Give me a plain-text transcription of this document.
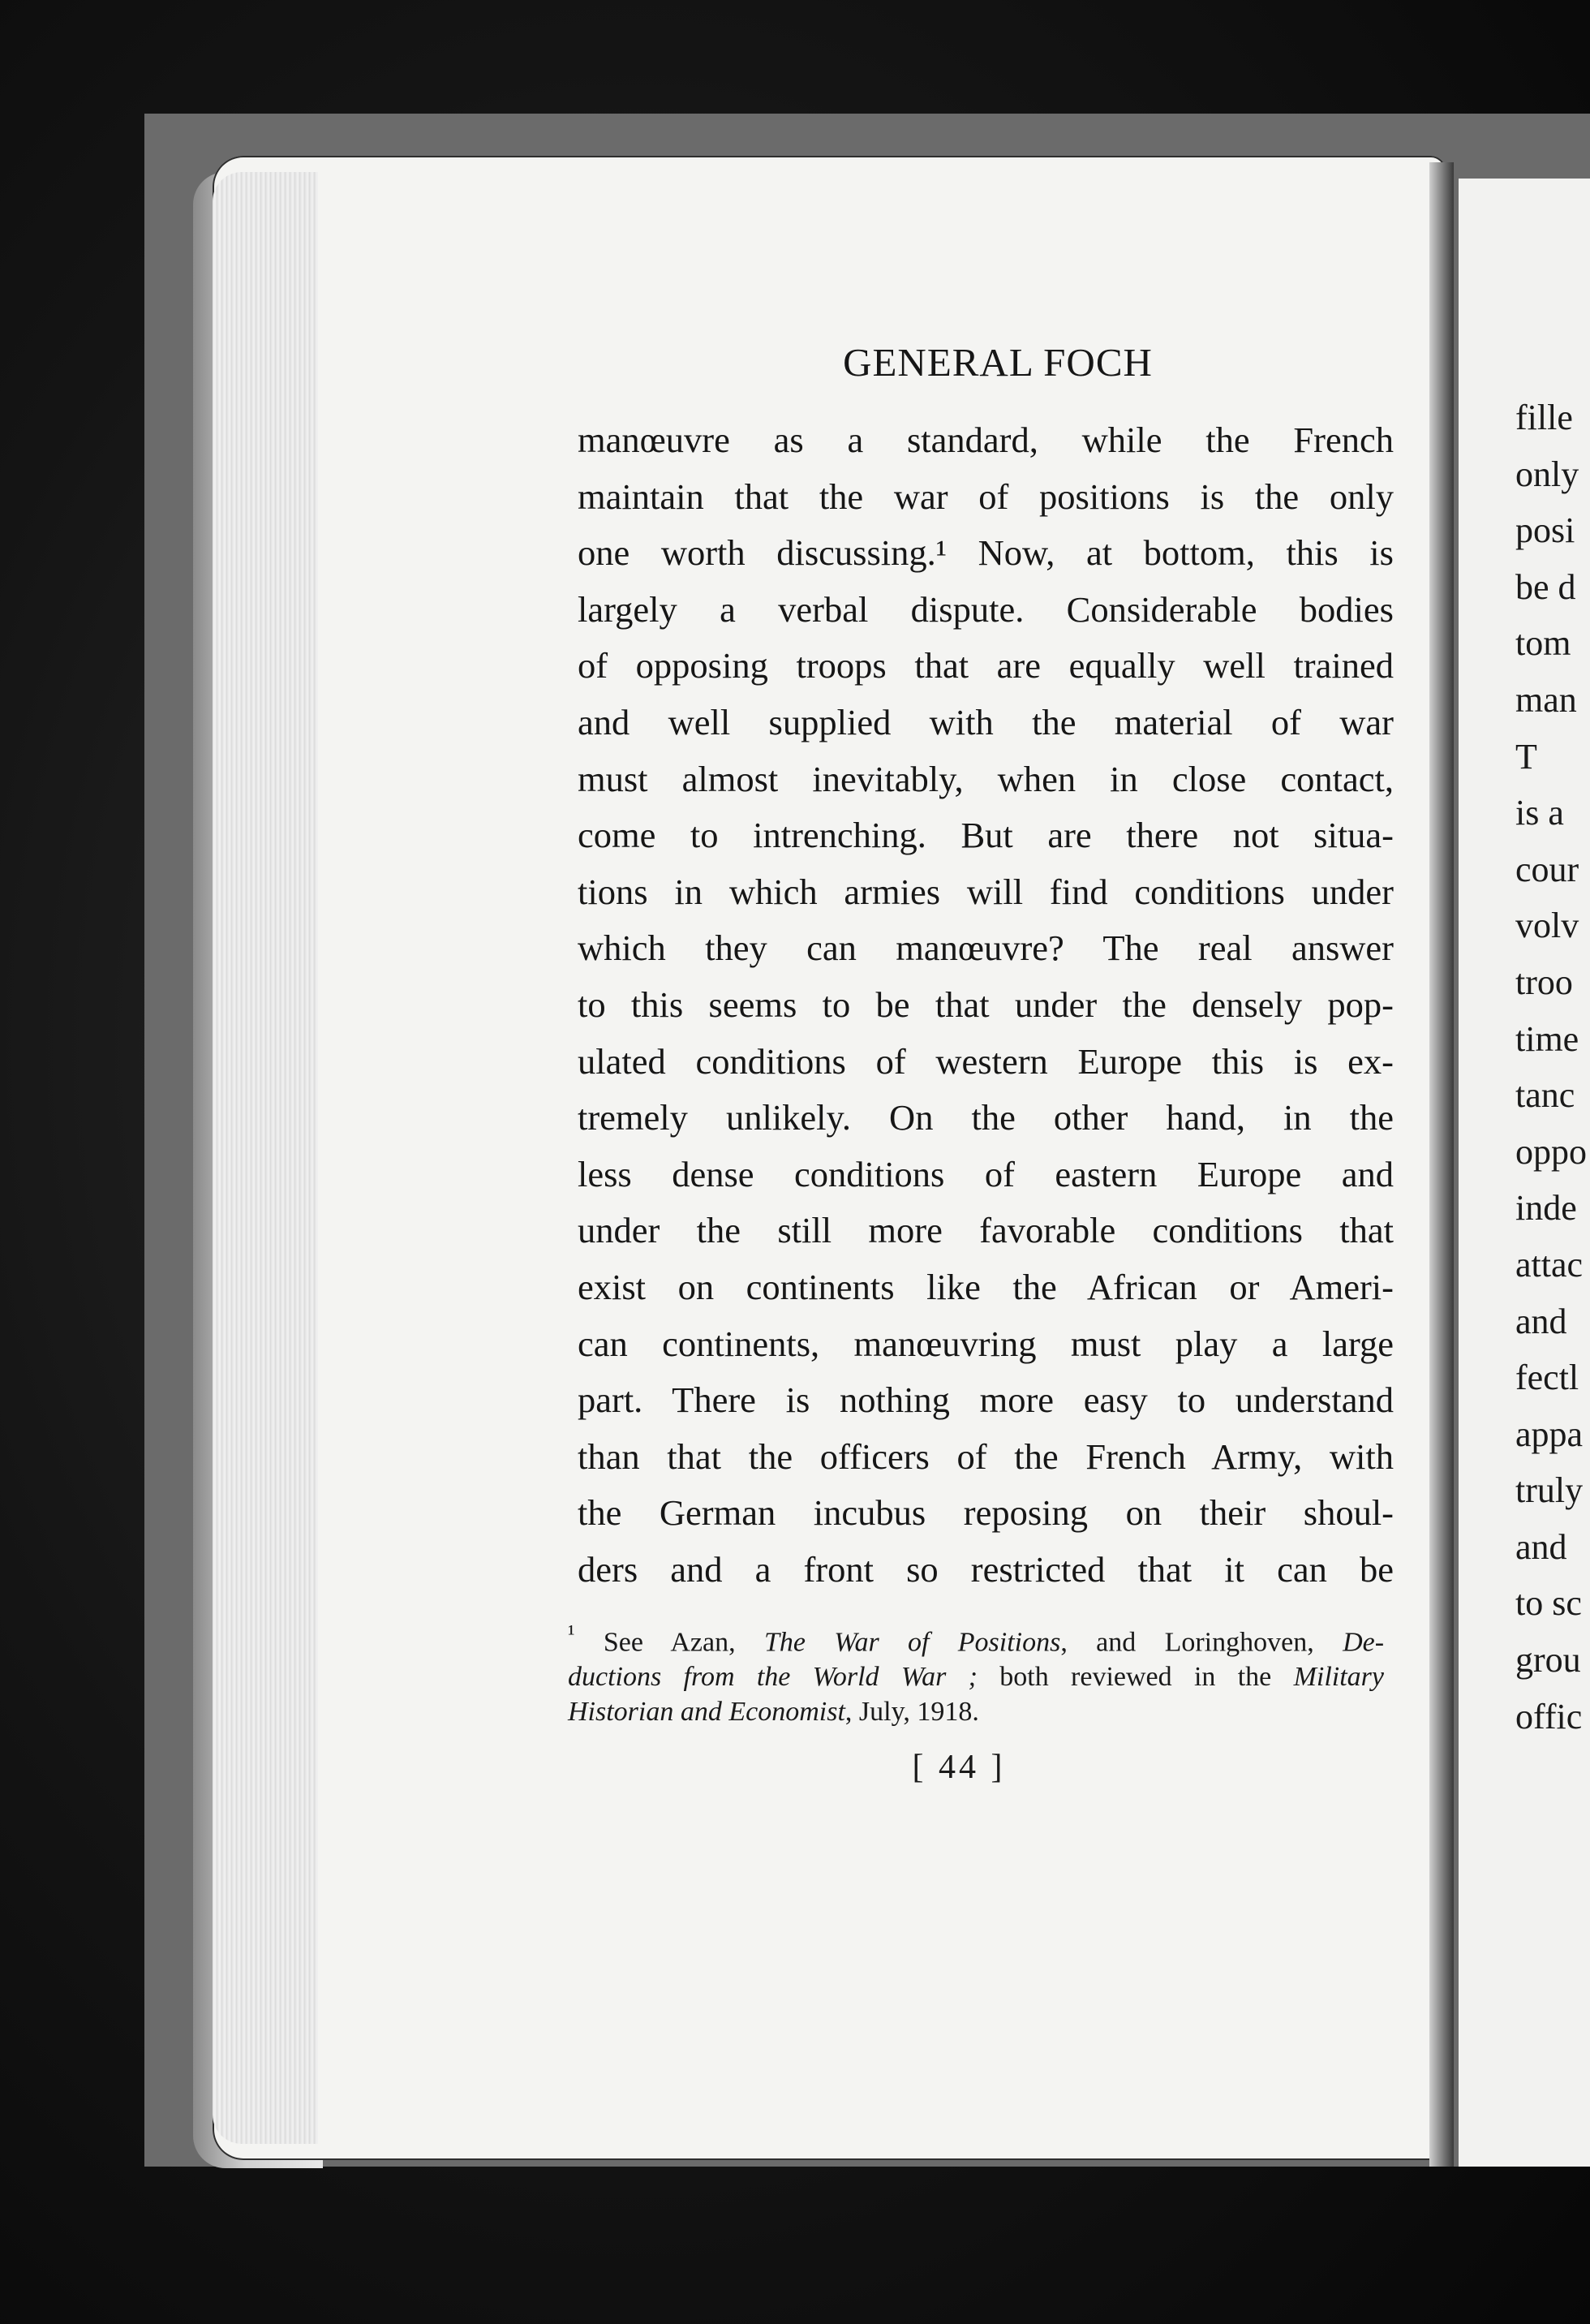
GENERAL FOCH
manœuvre as a standard, while the French
maintain that the war of positions is the only
one worth discussing.¹ Now, at bottom, this is
largely a verbal dispute. Considerable bodies
of opposing troops that are equally well trained
and well supplied with the material of war
must almost inevitably, when in close contact,
come to intrenching. But are there not situa-
tions in which armies will find conditions under
which they can manœuvre? The real answer
to this seems to be that under the densely pop-
ulated conditions of western Europe this is ex-
tremely unlikely. On the other hand, in the
less dense conditions of eastern Europe and
under the still more favorable conditions that
exist on continents like the African or Ameri-
can continents, manœuvring must play a large
part. There is nothing more easy to understand
than that the officers of the French Army, with
the German incubus reposing on their shoul-
ders and a front so restricted that it can be
$^{^1}$ See Azan, The War of Positions, and Loringhoven, De-
ductions from the World War ; both reviewed in the Military
Historian and Economist, July, 1918.
[ 44 ]
fille
only
posi
be d
tom
man
T
is a
cour
volv
troo
time
tanc
oppo
inde
attac
and
fectl
appa
truly
and
to sc
grou
offic
